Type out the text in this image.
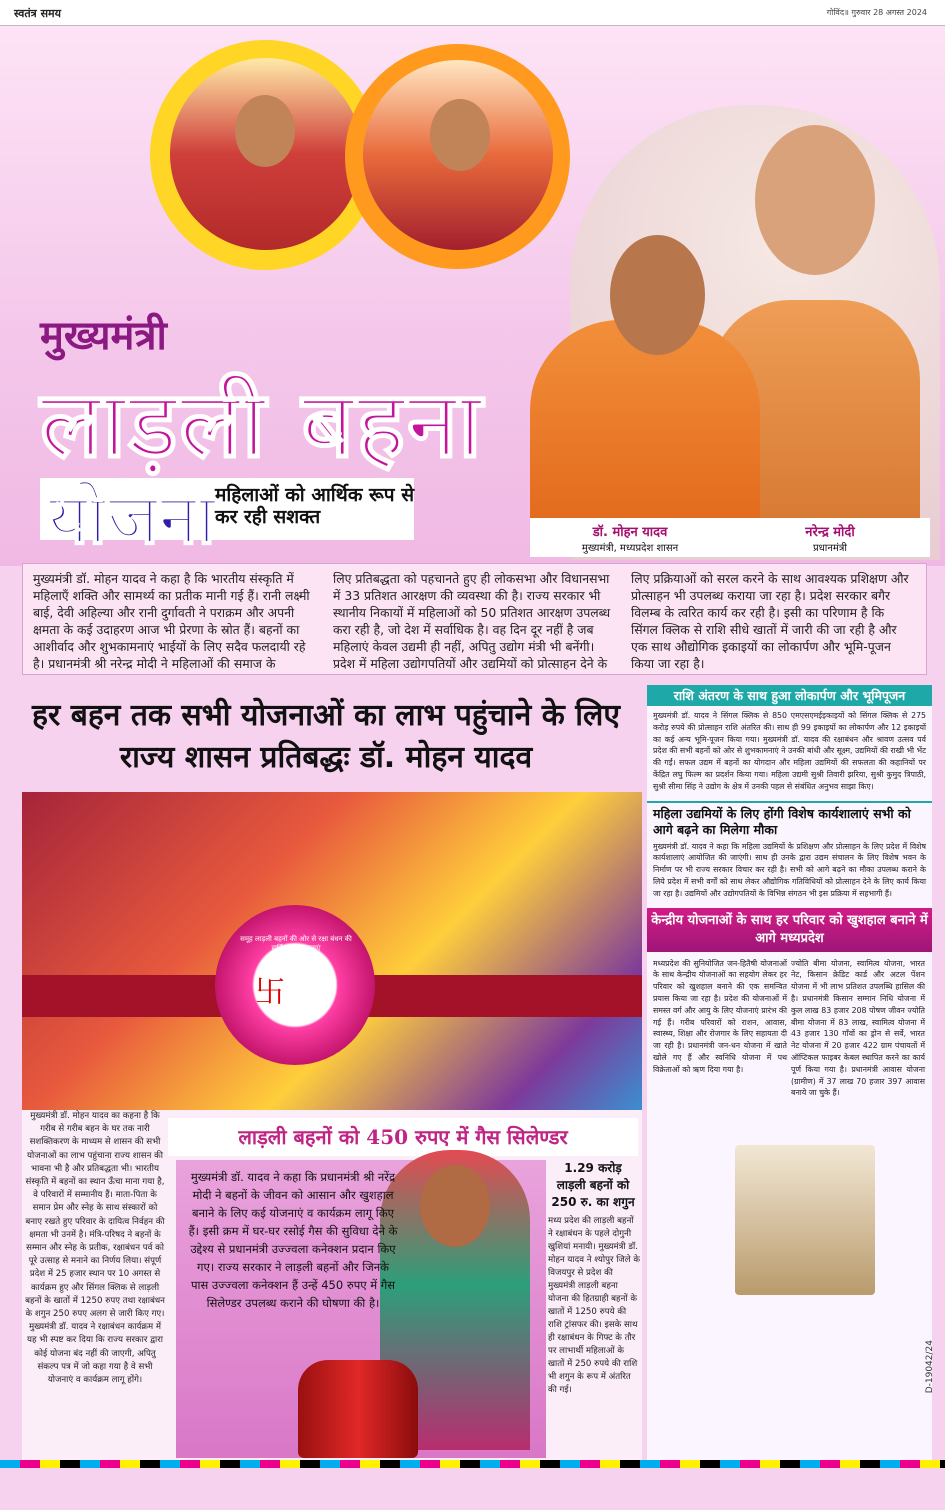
स्वतंत्र समय	गोविंद॥ गुरुवार 28 अगस्त 2024
मुख्यमंत्री
लाड़ली बहना
योजना महिलाओं को आर्थिक रूप से कर रही सशक्त
डॉ. मोहन यादव
मुख्यमंत्री, मध्यप्रदेश शासन
नरेन्द्र मोदी
प्रधानमंत्री
मुख्यमंत्री डॉ. मोहन यादव ने कहा है कि भारतीय संस्कृति में महिलाएँ शक्ति और सामर्थ्य का प्रतीक मानी गई हैं। रानी लक्ष्मी बाई, देवी अहिल्या और रानी दुर्गावती ने पराक्रम और अपनी क्षमता के कई उदाहरण आज भी प्रेरणा के स्रोत हैं। बहनों का आशीर्वाद और शुभकामनाएं भाईयों के लिए सदैव फलदायी रहे है। प्रधानमंत्री श्री नरेन्द्र मोदी ने महिलाओं की समाज के
लिए प्रतिबद्धता को पहचानते हुए ही लोकसभा और विधानसभा में 33 प्रतिशत आरक्षण की व्यवस्था की है। राज्य सरकार भी स्थानीय निकायों में महिलाओं को 50 प्रतिशत आरक्षण उपलब्ध करा रही है, जो देश में सर्वाधिक है। वह दिन दूर नहीं है जब महिलाएं केवल उद्यमी ही नहीं, अपितु उद्योग मंत्री भी बनेंगी। प्रदेश में महिला उद्योगपतियों और उद्यमियों को प्रोत्साहन देने के
लिए प्रक्रियाओं को सरल करने के साथ आवश्यक प्रशिक्षण और प्रोत्साहन भी उपलब्ध कराया जा रहा है। प्रदेश सरकार बगैर विलम्ब के त्वरित कार्य कर रही है। इसी का परिणाम है कि सिंगल क्लिक से राशि सीधे खातों में जारी की जा रही है और एक साथ औद्योगिक इकाइयों का लोकार्पण और भूमि-पूजन किया जा रहा है।
हर बहन तक सभी योजनाओं का लाभ पहुंचाने के लिए राज्य शासन प्रतिबद्धः डॉ. मोहन यादव
卐
समूह लाड़ली बहनों की ओर से रक्षा बंधन की हार्दिक शुभकामनाएं
राशि अंतरण के साथ हुआ लोकार्पण और भूमिपूजन
मुख्यमंत्री डॉ. यादव ने सिंगल क्लिक से 850 एमएसएमईइकाइयों को सिंगल क्लिक से 275 करोड़ रुपये की प्रोत्साहन राशि अंतरित की। साथ ही 99 इकाइयों का लोकार्पण और 12 इकाइयों का कई अन्य भूमि-पूजन किया गया। मुख्यमंत्री डॉ. यादव की रक्षाबंधन और श्रावण उत्सव पर्व प्रदेश की सभी बहनों को ओर से शुभकामनाएं ने उनकी बांधी और सूक्ष्म, उद्यमियों की राखी भी भेंट की गईं। सफल उद्यम में बहनों का योगदान और महिला उद्यमियों की सफलता की कहानियों पर केंद्रित लघु फिल्म का प्रदर्शन किया गया। महिला उद्यमी सुश्री तिवारी झरिया, सुश्री कुमुद त्रिपाठी, सुश्री सीमा सिंह ने उद्योग के क्षेत्र में उनकी पहल से संबंधित अनुभव साझा किए।
महिला उद्यमियों के लिए होंगी विशेष कार्यशालाएं सभी को आगे बढ़ने का मिलेगा मौका
मुख्यमंत्री डॉ. यादव ने कहा कि महिला उद्यमियों के प्रशिक्षण और प्रोत्साहन के लिए प्रदेश में विशेष कार्यशालाएं आयोजित की जाएंगी। साथ ही उनके द्वारा उद्यम संचालन के लिए विशेष भवन के निर्माण पर भी राज्य सरकार विचार कर रही है। सभी को आगे बढ़ने का मौका उपलब्ध कराने के लिये प्रदेश में सभी वर्गों को साथ लेकर औद्योगिक गतिविधियों को प्रोत्साहन देने के लिए कार्य किया जा रहा है। उद्यमियों और उद्योगपतियों के विभिन्न संगठन भी इस प्रक्रिया में सहभागी हैं।
केन्द्रीय योजनाओं के साथ हर परिवार को खुशहाल बनाने में आगे मध्यप्रदेश
मध्यप्रदेश की सुनियोजित जन-हितैषी योजनाओं के साथ केन्द्रीय योजनाओं का सहयोग लेकर हर परिवार को खुशहाल बनाने की एक समन्वित प्रयास किया जा रहा है। प्रदेश की योजनाओं में समस्त वर्ग और आयु के लिए योजनाएं प्रारंभ की गई हैं। गरीब परिवारों को राशन, आवास, स्वास्थ्य, शिक्षा और रोजगार के लिए सहायता दी जा रही है। प्रधानमंत्री जन-धन योजना में खाते खोले गए हैं और स्वनिधि योजना में पथ विक्रेताओं को ऋण दिया गया है।
ज्योति बीमा योजना, स्वामित्व योजना, भारत नेट, किसान क्रेडिट कार्ड और अटल पेंशन योजना में भी लाभ प्रतिशत उपलब्धि हासिल की है। प्रधानमंत्री किसान सम्मान निधि योजना में कुल लाख 83 हजार 208 पोषण जीवन ज्योति बीमा योजना में 83 लाख, स्वामित्व योजना में 43 हजार 130 गाँवों का ड्रोन से सर्वे, भारत नेट योजना में 20 हजार 422 ग्राम पंचायतों में ऑप्टिकल फाइबर केबल स्थापित करने का कार्य पूर्ण किया गया है। प्रधानमंत्री आवास योजना (ग्रामीण) में 37 लाख 70 हजार 397 आवास बनाये जा चुके हैं।
लाड़ली बहनों को 450 रुपए में गैस सिलेण्डर
मुख्यमंत्री डॉ. मोहन यादव का कहना है कि गरीब से गरीब बहन के घर तक नारी सशक्तिकरण के माध्यम से शासन की सभी योजनाओं का लाभ पहुंचाना राज्य शासन की भावना भी है और प्रतिबद्धता भी। भारतीय संस्कृति में बहनों का स्थान ऊँचा माना गया है, वे परिवारों में सम्मानीय हैं। माता-पिता के समान प्रेम और स्नेह के साथ संस्कारों को बनाए रखते हुए परिवार के दायित्व निर्वहन की क्षमता भी उनमें है। मंत्रि-परिषद ने बहनों के सम्मान और स्नेह के प्रतीक, रक्षाबंधन पर्व को पूरे उत्साह से मनाने का निर्णय लिया। संपूर्ण प्रदेश में 25 हजार स्थान पर 10 अगस्त से कार्यक्रम हुए और सिंगल क्लिक से लाड़ली बहनों के खातों में 1250 रुपए तथा रक्षाबंधन के शगुन 250 रुपए अलग से जारी किए गए। मुख्यमंत्री डॉ. यादव ने रक्षाबंधन कार्यक्रम में यह भी स्पष्ट कर दिया कि राज्य सरकार द्वारा कोई योजना बंद नहीं की जाएगी, अपितु संकल्प पत्र में जो कहा गया है वे सभी योजनाएं व कार्यक्रम लागू होंगे।
मुख्यमंत्री डॉ. यादव ने कहा कि प्रधानमंत्री श्री नरेंद्र मोदी ने बहनों के जीवन को आसान और खुशहाल बनाने के लिए कई योजनाएं व कार्यक्रम लागू किए हैं। इसी क्रम में घर-घर रसोई गैस की सुविधा देने के उद्देश्य से प्रधानमंत्री उज्ज्वला कनेक्शन प्रदान किए गए। राज्य सरकार ने लाड़ली बहनों और जिनके पास उज्ज्वला कनेक्शन हैं उन्हें 450 रुपए में गैस सिलेण्डर उपलब्ध कराने की घोषणा की है।
1.29 करोड़ लाड़ली बहनों को 250 रु. का शगुन
मध्य प्रदेश की लाड़ली बहनों ने रक्षाबंधन के पहले दोगुनी खुशियां मनायी। मुख्यमंत्री डॉ. मोहन यादव ने श्योपुर जिले के विजयपुर से प्रदेश की मुख्यमंत्री लाड़ली बहना योजना की हितग्राही बहनों के खातों में 1250 रुपये की राशि ट्रांसफर की। इसके साथ ही रक्षाबंधन के गिफ्ट के तौर पर लाभार्थी महिलाओं के खातों में 250 रुपये की राशि भी शगुन के रूप में अंतरित की गई।	D-19042/24
